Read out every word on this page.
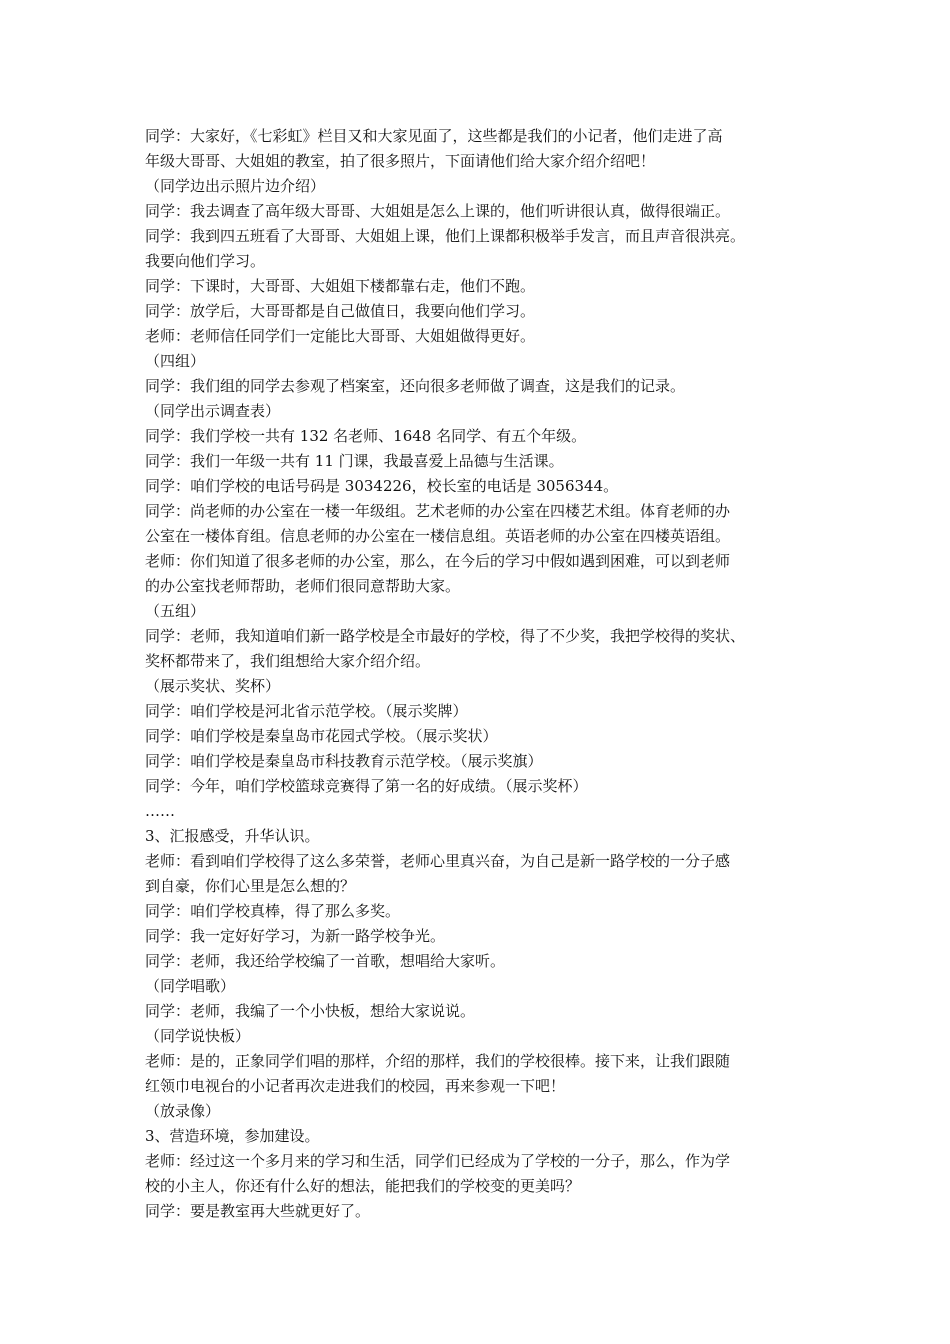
同学：大家好，《七彩虹》栏目又和大家见面了，这些都是我们的小记者，他们走进了高
年级大哥哥、大姐姐的教室，拍了很多照片，下面请他们给大家介绍介绍吧！
（同学边出示照片边介绍）
同学：我去调查了高年级大哥哥、大姐姐是怎么上课的，他们听讲很认真，做得很端正。
同学：我到四五班看了大哥哥、大姐姐上课，他们上课都积极举手发言，而且声音很洪亮。
我要向他们学习。
同学：下课时，大哥哥、大姐姐下楼都靠右走，他们不跑。
同学：放学后，大哥哥都是自己做值日，我要向他们学习。
老师：老师信任同学们一定能比大哥哥、大姐姐做得更好。
（四组）
同学：我们组的同学去参观了档案室，还向很多老师做了调查，这是我们的记录。
（同学出示调查表）
同学：我们学校一共有 132 名老师、1648 名同学、有五个年级。
同学：我们一年级一共有 11 门课，我最喜爱上品德与生活课。
同学：咱们学校的电话号码是 3034226，校长室的电话是 3056344。
同学：尚老师的办公室在一楼一年级组。艺术老师的办公室在四楼艺术组。体育老师的办
公室在一楼体育组。信息老师的办公室在一楼信息组。英语老师的办公室在四楼英语组。
老师：你们知道了很多老师的办公室，那么，在今后的学习中假如遇到困难，可以到老师
的办公室找老师帮助，老师们很同意帮助大家。
（五组）
同学：老师，我知道咱们新一路学校是全市最好的学校，得了不少奖，我把学校得的奖状、
奖杯都带来了，我们组想给大家介绍介绍。
（展示奖状、奖杯）
同学：咱们学校是河北省示范学校。（展示奖牌）
同学：咱们学校是秦皇岛市花园式学校。（展示奖状）
同学：咱们学校是秦皇岛市科技教育示范学校。（展示奖旗）
同学：今年，咱们学校篮球竞赛得了第一名的好成绩。（展示奖杯）
……
3、汇报感受，升华认识。
老师：看到咱们学校得了这么多荣誉，老师心里真兴奋，为自己是新一路学校的一分子感
到自豪，你们心里是怎么想的？
同学：咱们学校真棒，得了那么多奖。
同学：我一定好好学习，为新一路学校争光。
同学：老师，我还给学校编了一首歌，想唱给大家听。
（同学唱歌）
同学：老师，我编了一个小快板，想给大家说说。
（同学说快板）
老师：是的，正象同学们唱的那样，介绍的那样，我们的学校很棒。接下来，让我们跟随
红领巾电视台的小记者再次走进我们的校园，再来参观一下吧！
（放录像）
3、营造环境，参加建设。
老师：经过这一个多月来的学习和生活，同学们已经成为了学校的一分子，那么，作为学
校的小主人，你还有什么好的想法，能把我们的学校变的更美吗？
同学：要是教室再大些就更好了。
